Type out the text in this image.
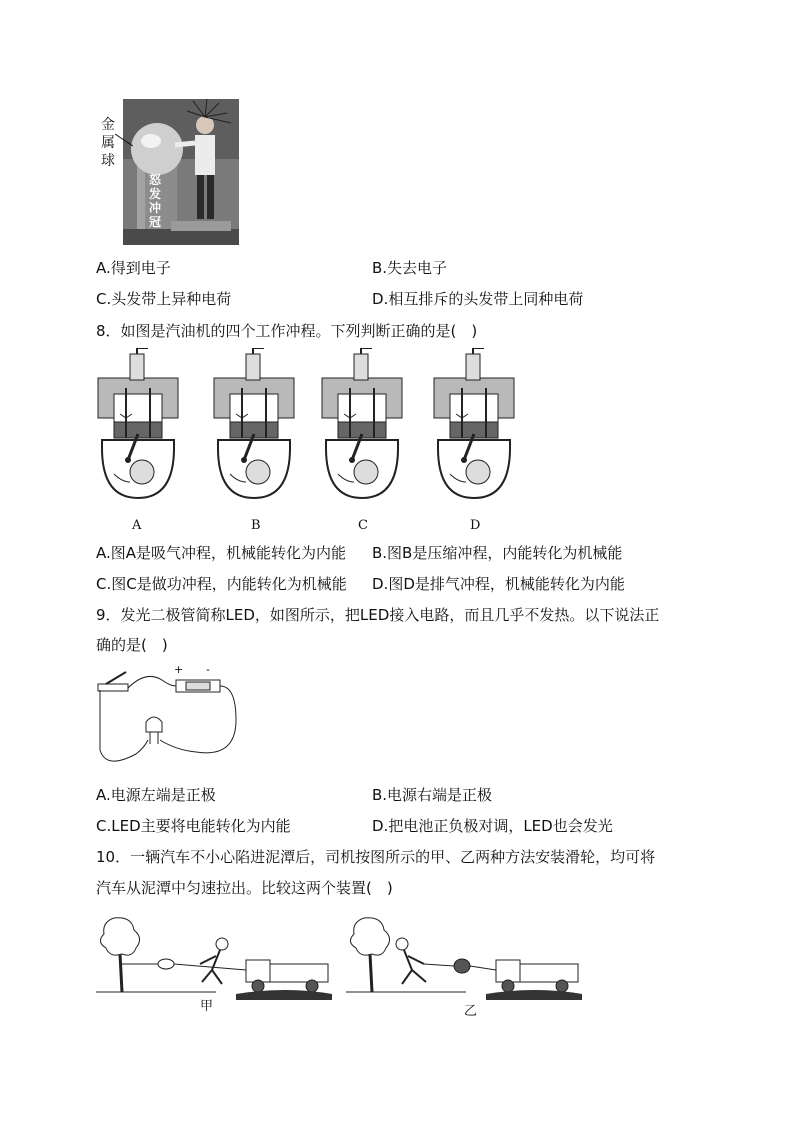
怒
发
冲
冠
金
属
球
A.得到电子	B.失去电子
C.头发带上异种电荷	D.相互排斥的头发带上同种电荷
8．如图是汽油机的四个工作冲程。下列判断正确的是(　)
A	B	C	D
A.图A是吸气冲程，机械能转化为内能 B.图B是压缩冲程，内能转化为机械能
C.图C是做功冲程，内能转化为机械能 D.图D是排气冲程，机械能转化为内能
9．发光二极管简称LED，如图所示，把LED接入电路，而且几乎不发热。以下说法正
确的是(　)
+ -
A.电源左端是正极	B.电源右端是正极
C.LED主要将电能转化为内能	D.把电池正负极对调，LED也会发光
10．一辆汽车不小心陷进泥潭后，司机按图所示的甲、乙两种方法安装滑轮，均可将
汽车从泥潭中匀速拉出。比较这两个装置(　)
甲	乙
